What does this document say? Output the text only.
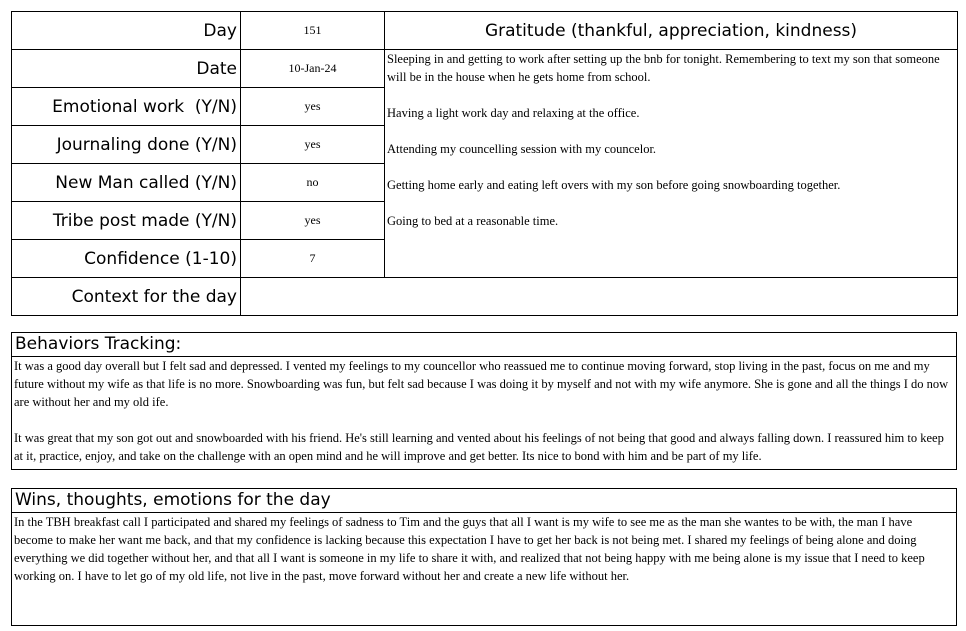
Day	151	Gratitude (thankful, appreciation, kindness)
Date	10-Jan-24	Sleeping in and getting to work after setting up the bnb for tonight. Remembering to text my son that someone will be in the house when he gets home from school.

Having a light work day and relaxing at the office.

Attending my councelling session with my councelor.

Getting home early and eating left overs with my son before going snowboarding together.

Going to bed at a reasonable time.

Emotional work  (Y/N)	yes	
Journaling done (Y/N)	yes	
New Man called (Y/N)	no	
Tribe post made (Y/N)	yes	
Confidence (1-10)	7	
Context for the day		
Behaviors Tracking:

It was a good day overall but I felt sad and depressed. I vented my feelings to my councellor who reassued me to continue moving forward, stop living in the past, focus on me and my future without my wife as that life is no more. Snowboarding was fun, but felt sad because I was doing it by myself and not with my wife anymore. She is gone and all the things I do now are without her and my old ife.

It was great that my son got out and snowboarded with his friend. He's still learning and vented about his feelings of not being that good and always falling down. I reassured him to keep at it, practice, enjoy, and take on the challenge with an open mind and he will improve and get better. Its nice to bond with him and be part of my life.

Wins, thoughts, emotions for the day

In the TBH breakfast call I participated and shared my feelings of sadness to Tim and the guys that all I want is my wife to see me as the man she wantes to be with, the man I have become to make her want me back, and that my confidence is lacking because this expectation I have to get her back is not being met. I shared my feelings of being alone and doing everything we did together without her, and that all I want is someone in my life to share it with, and realized that not being happy with me being alone is my issue that I need to keep working on. I have to let go of my old life, not live in the past, move forward without her and create a new life without her.
